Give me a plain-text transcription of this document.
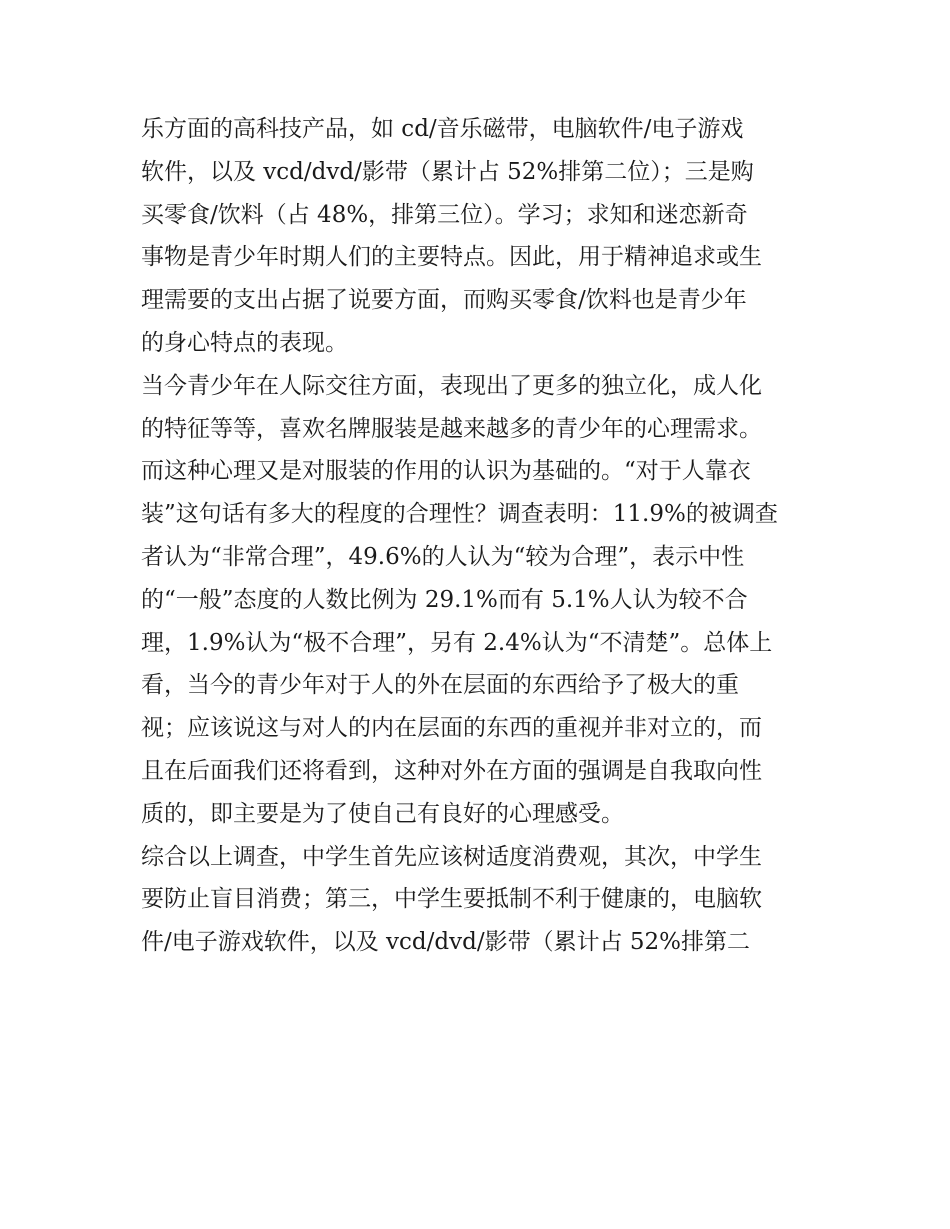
乐方面的高科技产品，如 cd/音乐磁带，电脑软件/电子游戏
软件，以及 vcd/dvd/影带（累计占 52%排第二位）；三是购
买零食/饮料（占 48%，排第三位）。学习；求知和迷恋新奇
事物是青少年时期人们的主要特点。因此，用于精神追求或生
理需要的支出占据了说要方面，而购买零食/饮料也是青少年
的身心特点的表现。
当今青少年在人际交往方面，表现出了更多的独立化，成人化
的特征等等，喜欢名牌服装是越来越多的青少年的心理需求。
而这种心理又是对服装的作用的认识为基础的。“对于人靠衣
装”这句话有多大的程度的合理性？调查表明：11.9%的被调查
者认为“非常合理”，49.6%的人认为“较为合理”，表示中性
的“一般”态度的人数比例为 29.1%而有 5.1%人认为较不合
理，1.9%认为“极不合理”，另有 2.4%认为“不清楚”。总体上
看，当今的青少年对于人的外在层面的东西给予了极大的重
视；应该说这与对人的内在层面的东西的重视并非对立的，而
且在后面我们还将看到，这种对外在方面的强调是自我取向性
质的，即主要是为了使自己有良好的心理感受。
综合以上调查，中学生首先应该树适度消费观，其次，中学生
要防止盲目消费；第三，中学生要抵制不利于健康的，电脑软
件/电子游戏软件，以及 vcd/dvd/影带（累计占 52%排第二
